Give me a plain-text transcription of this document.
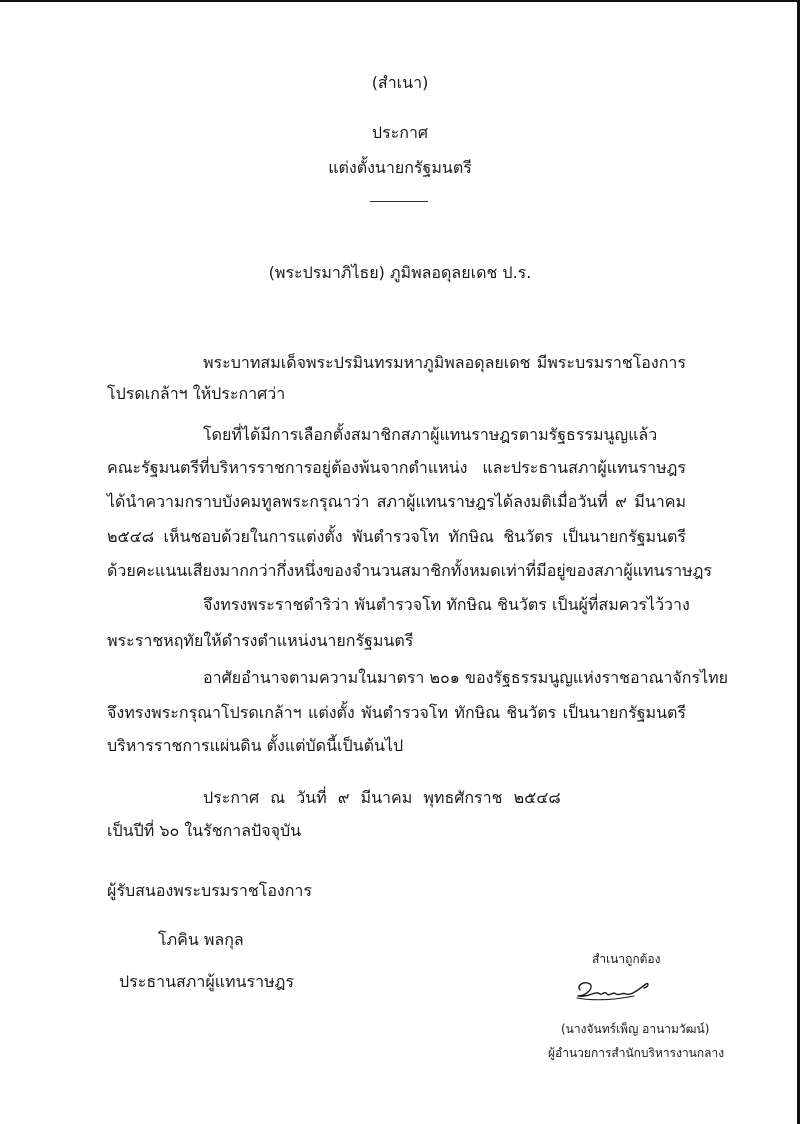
(สำเนา)
ประกาศ
แต่งตั้งนายกรัฐมนตรี
(พระปรมาภิไธย) ภูมิพลอดุลยเดช ป.ร.
พระบาทสมเด็จพระปรมินทรมหาภูมิพลอดุลยเดช มีพระบรมราชโองการ
โปรดเกล้าฯ ให้ประกาศว่า
โดยที่ได้มีการเลือกตั้งสมาชิกสภาผู้แทนราษฎรตามรัฐธรรมนูญแล้ว
คณะรัฐมนตรีที่บริหารราชการอยู่ต้องพ้นจากตำแหน่ง และประธานสภาผู้แทนราษฎร
ได้นำความกราบบังคมทูลพระกรุณาว่า สภาผู้แทนราษฎรได้ลงมติเมื่อวันที่ ๙ มีนาคม
๒๕๔๘ เห็นชอบด้วยในการแต่งตั้ง พันตำรวจโท ทักษิณ ชินวัตร เป็นนายกรัฐมนตรี
ด้วยคะแนนเสียงมากกว่ากึ่งหนึ่งของจำนวนสมาชิกทั้งหมดเท่าที่มีอยู่ของสภาผู้แทนราษฎร
จึงทรงพระราชดำริว่า พันตำรวจโท ทักษิณ ชินวัตร เป็นผู้ที่สมควรไว้วาง
พระราชหฤทัยให้ดำรงตำแหน่งนายกรัฐมนตรี
อาศัยอำนาจตามความในมาตรา ๒๐๑ ของรัฐธรรมนูญแห่งราชอาณาจักรไทย
จึงทรงพระกรุณาโปรดเกล้าฯ แต่งตั้ง พันตำรวจโท ทักษิณ ชินวัตร เป็นนายกรัฐมนตรี
บริหารราชการแผ่นดิน ตั้งแต่บัดนี้เป็นต้นไป
ประกาศ ณ วันที่ ๙ มีนาคม พุทธศักราช ๒๕๔๘
เป็นปีที่ ๖๐ ในรัชกาลปัจจุบัน
ผู้รับสนองพระบรมราชโองการ
โภคิน พลกุล
ประธานสภาผู้แทนราษฎร
สำเนาถูกต้อง
(นางจันทร์เพ็ญ อานามวัฒน์)
ผู้อำนวยการสำนักบริหารงานกลาง
